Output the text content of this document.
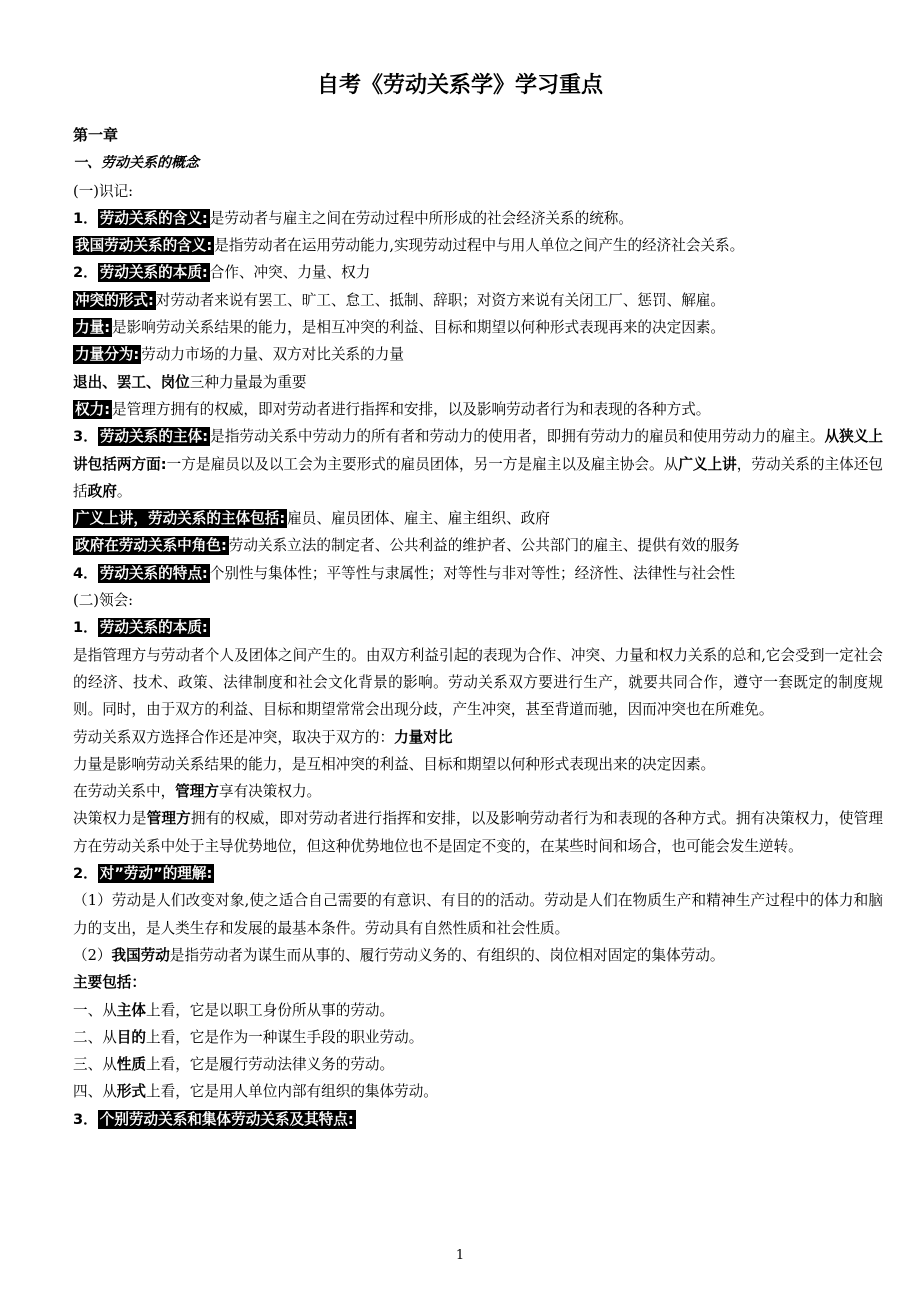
自考《劳动关系学》学习重点

第一章

一、劳动关系的概念

(一)识记:

1． 劳动关系的含义: 是劳动者与雇主之间在劳动过程中所形成的社会经济关系的统称。

我国劳动关系的含义: 是指劳动者在运用劳动能力,实现劳动过程中与用人单位之间产生的经济社会关系。

2． 劳动关系的本质: 合作、冲突、力量、权力

冲突的形式: 对劳动者来说有罢工、旷工、怠工、抵制、辞职；对资方来说有关闭工厂、惩罚、解雇。

力量: 是影响劳动关系结果的能力，是相互冲突的利益、目标和期望以何种形式表现再来的决定因素。

力量分为: 劳动力市场的力量、双方对比关系的力量

退出、罢工、岗位三种力量最为重要

权力: 是管理方拥有的权威，即对劳动者进行指挥和安排，以及影响劳动者行为和表现的各种方式。

3． 劳动关系的主体: 是指劳动关系中劳动力的所有者和劳动力的使用者，即拥有劳动力的雇员和使用劳动力的雇主。从狭义上讲包括两方面:一方是雇员以及以工会为主要形式的雇员团体，另一方是雇主以及雇主协会。从广义上讲，劳动关系的主体还包括政府。

广义上讲，劳动关系的主体包括: 雇员、雇员团体、雇主、雇主组织、政府

政府在劳动关系中角色: 劳动关系立法的制定者、公共利益的维护者、公共部门的雇主、提供有效的服务

4． 劳动关系的特点: 个别性与集体性；平等性与隶属性；对等性与非对等性；经济性、法律性与社会性

(二)领会:

1． 劳动关系的本质:

是指管理方与劳动者个人及团体之间产生的。由双方利益引起的表现为合作、冲突、力量和权力关系的总和,它会受到一定社会的经济、技术、政策、法律制度和社会文化背景的影响。劳动关系双方要进行生产，就要共同合作，遵守一套既定的制度规则。同时，由于双方的利益、目标和期望常常会出现分歧，产生冲突，甚至背道而驰，因而冲突也在所难免。

劳动关系双方选择合作还是冲突，取决于双方的：力量对比

力量是影响劳动关系结果的能力，是互相冲突的利益、目标和期望以何种形式表现出来的决定因素。

在劳动关系中，管理方享有决策权力。

决策权力是管理方拥有的权威，即对劳动者进行指挥和安排，以及影响劳动者行为和表现的各种方式。拥有决策权力，使管理方在劳动关系中处于主导优势地位，但这种优势地位也不是固定不变的，在某些时间和场合，也可能会发生逆转。

2． 对”劳动”的理解:

（1）劳动是人们改变对象,使之适合自己需要的有意识、有目的的活动。劳动是人们在物质生产和精神生产过程中的体力和脑力的支出，是人类生存和发展的最基本条件。劳动具有自然性质和社会性质。

（2）我国劳动是指劳动者为谋生而从事的、履行劳动义务的、有组织的、岗位相对固定的集体劳动。

主要包括：

一、从主体上看，它是以职工身份所从事的劳动。

二、从目的上看，它是作为一种谋生手段的职业劳动。

三、从性质上看，它是履行劳动法律义务的劳动。

四、从形式上看，它是用人单位内部有组织的集体劳动。

3． 个别劳动关系和集体劳动关系及其特点:

1
